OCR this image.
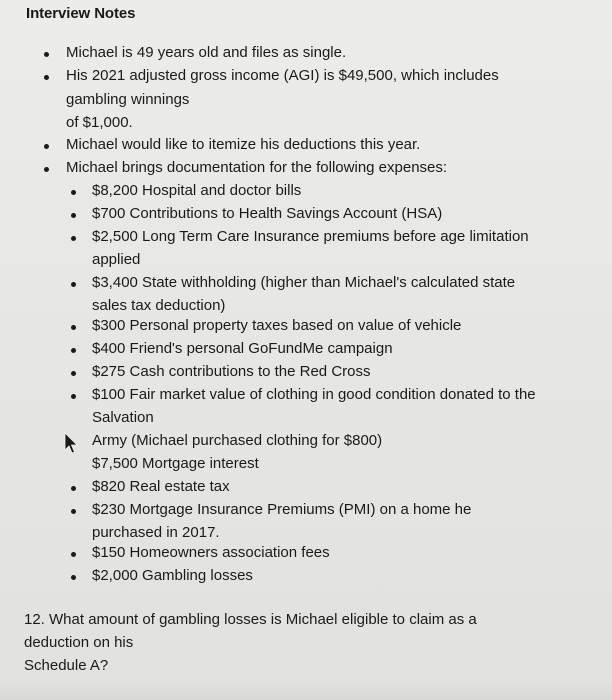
Interview Notes
Michael is 49 years old and files as single.
His 2021 adjusted gross income (AGI) is $49,500, which includes
gambling winnings
of $1,000.
Michael would like to itemize his deductions this year.
Michael brings documentation for the following expenses:
$8,200 Hospital and doctor bills
$700 Contributions to Health Savings Account (HSA)
$2,500 Long Term Care Insurance premiums before age limitation
applied
$3,400 State withholding (higher than Michael's calculated state
sales tax deduction)
$300 Personal property taxes based on value of vehicle
$400 Friend's personal GoFundMe campaign
$275 Cash contributions to the Red Cross
$100 Fair market value of clothing in good condition donated to the
Salvation
Army (Michael purchased clothing for $800)
$7,500 Mortgage interest
$820 Real estate tax
$230 Mortgage Insurance Premiums (PMI) on a home he
purchased in 2017.
$150 Homeowners association fees
$2,000 Gambling losses
12. What amount of gambling losses is Michael eligible to claim as a
deduction on his
Schedule A?
